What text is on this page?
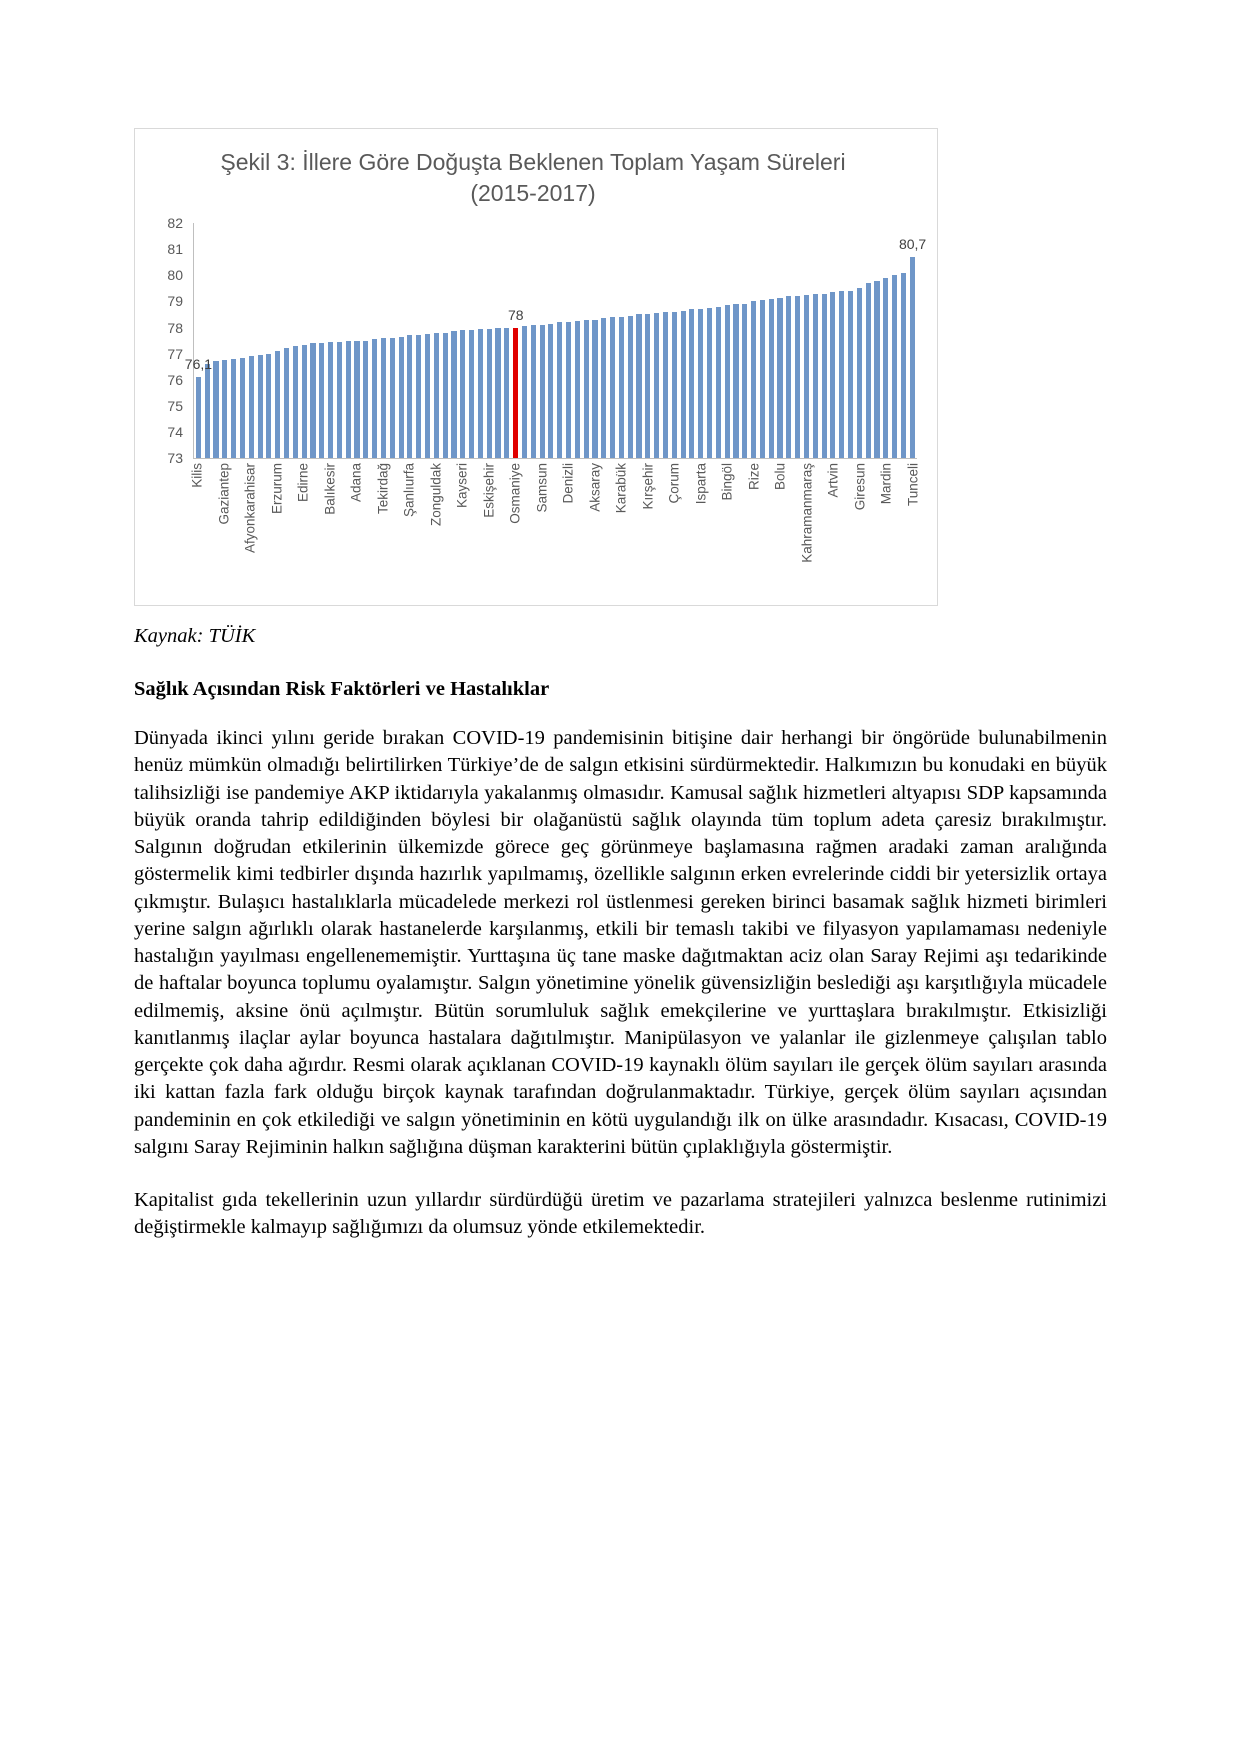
Şekil 3: İllere Göre Doğuşta Beklenen Toplam Yaşam Süreleri
(2015-2017)
82
81
80
79
78
77
76
75
74
73
76,1
78
80,7
Kilis Gaziantep Afyonkarahisar Erzurum Edirne Balıkesir Adana Tekirdağ Şanlıurfa Zonguldak Kayseri Eskişehir Osmaniye Samsun Denizli Aksaray Karabük Kırşehir Çorum Isparta Bingöl Rize Bolu Kahramanmaraş Artvin Giresun Mardin Tunceli

Kaynak: TÜİK

Sağlık Açısından Risk Faktörleri ve Hastalıklar

Dünyada ikinci yılını geride bırakan COVID-19 pandemisinin bitişine dair herhangi bir öngörüde bulunabilmenin henüz mümkün olmadığı belirtilirken Türkiye’de de salgın etkisini sürdürmektedir. Halkımızın bu konudaki en büyük talihsizliği ise pandemiye AKP iktidarıyla yakalanmış olmasıdır. Kamusal sağlık hizmetleri altyapısı SDP kapsamında büyük oranda tahrip edildiğinden böylesi bir olağanüstü sağlık olayında tüm toplum adeta çaresiz bırakılmıştır. Salgının doğrudan etkilerinin ülkemizde görece geç görünmeye başlamasına rağmen aradaki zaman aralığında göstermelik kimi tedbirler dışında hazırlık yapılmamış, özellikle salgının erken evrelerinde ciddi bir yetersizlik ortaya çıkmıştır. Bulaşıcı hastalıklarla mücadelede merkezi rol üstlenmesi gereken birinci basamak sağlık hizmeti birimleri yerine salgın ağırlıklı olarak hastanelerde karşılanmış, etkili bir temaslı takibi ve filyasyon yapılamaması nedeniyle hastalığın yayılması engellenememiştir. Yurttaşına üç tane maske dağıtmaktan aciz olan Saray Rejimi aşı tedarikinde de haftalar boyunca toplumu oyalamıştır. Salgın yönetimine yönelik güvensizliğin beslediği aşı karşıtlığıyla mücadele edilmemiş, aksine önü açılmıştır. Bütün sorumluluk sağlık emekçilerine ve yurttaşlara bırakılmıştır. Etkisizliği kanıtlanmış ilaçlar aylar boyunca hastalara dağıtılmıştır. Manipülasyon ve yalanlar ile gizlenmeye çalışılan tablo gerçekte çok daha ağırdır. Resmi olarak açıklanan COVID-19 kaynaklı ölüm sayıları ile gerçek ölüm sayıları arasında iki kattan fazla fark olduğu birçok kaynak tarafından doğrulanmaktadır. Türkiye, gerçek ölüm sayıları açısından pandeminin en çok etkilediği ve salgın yönetiminin en kötü uygulandığı ilk on ülke arasındadır. Kısacası, COVID-19 salgını Saray Rejiminin halkın sağlığına düşman karakterini bütün çıplaklığıyla göstermiştir.

Kapitalist gıda tekellerinin uzun yıllardır sürdürdüğü üretim ve pazarlama stratejileri yalnızca beslenme rutinimizi değiştirmekle kalmayıp sağlığımızı da olumsuz yönde etkilemektedir.
